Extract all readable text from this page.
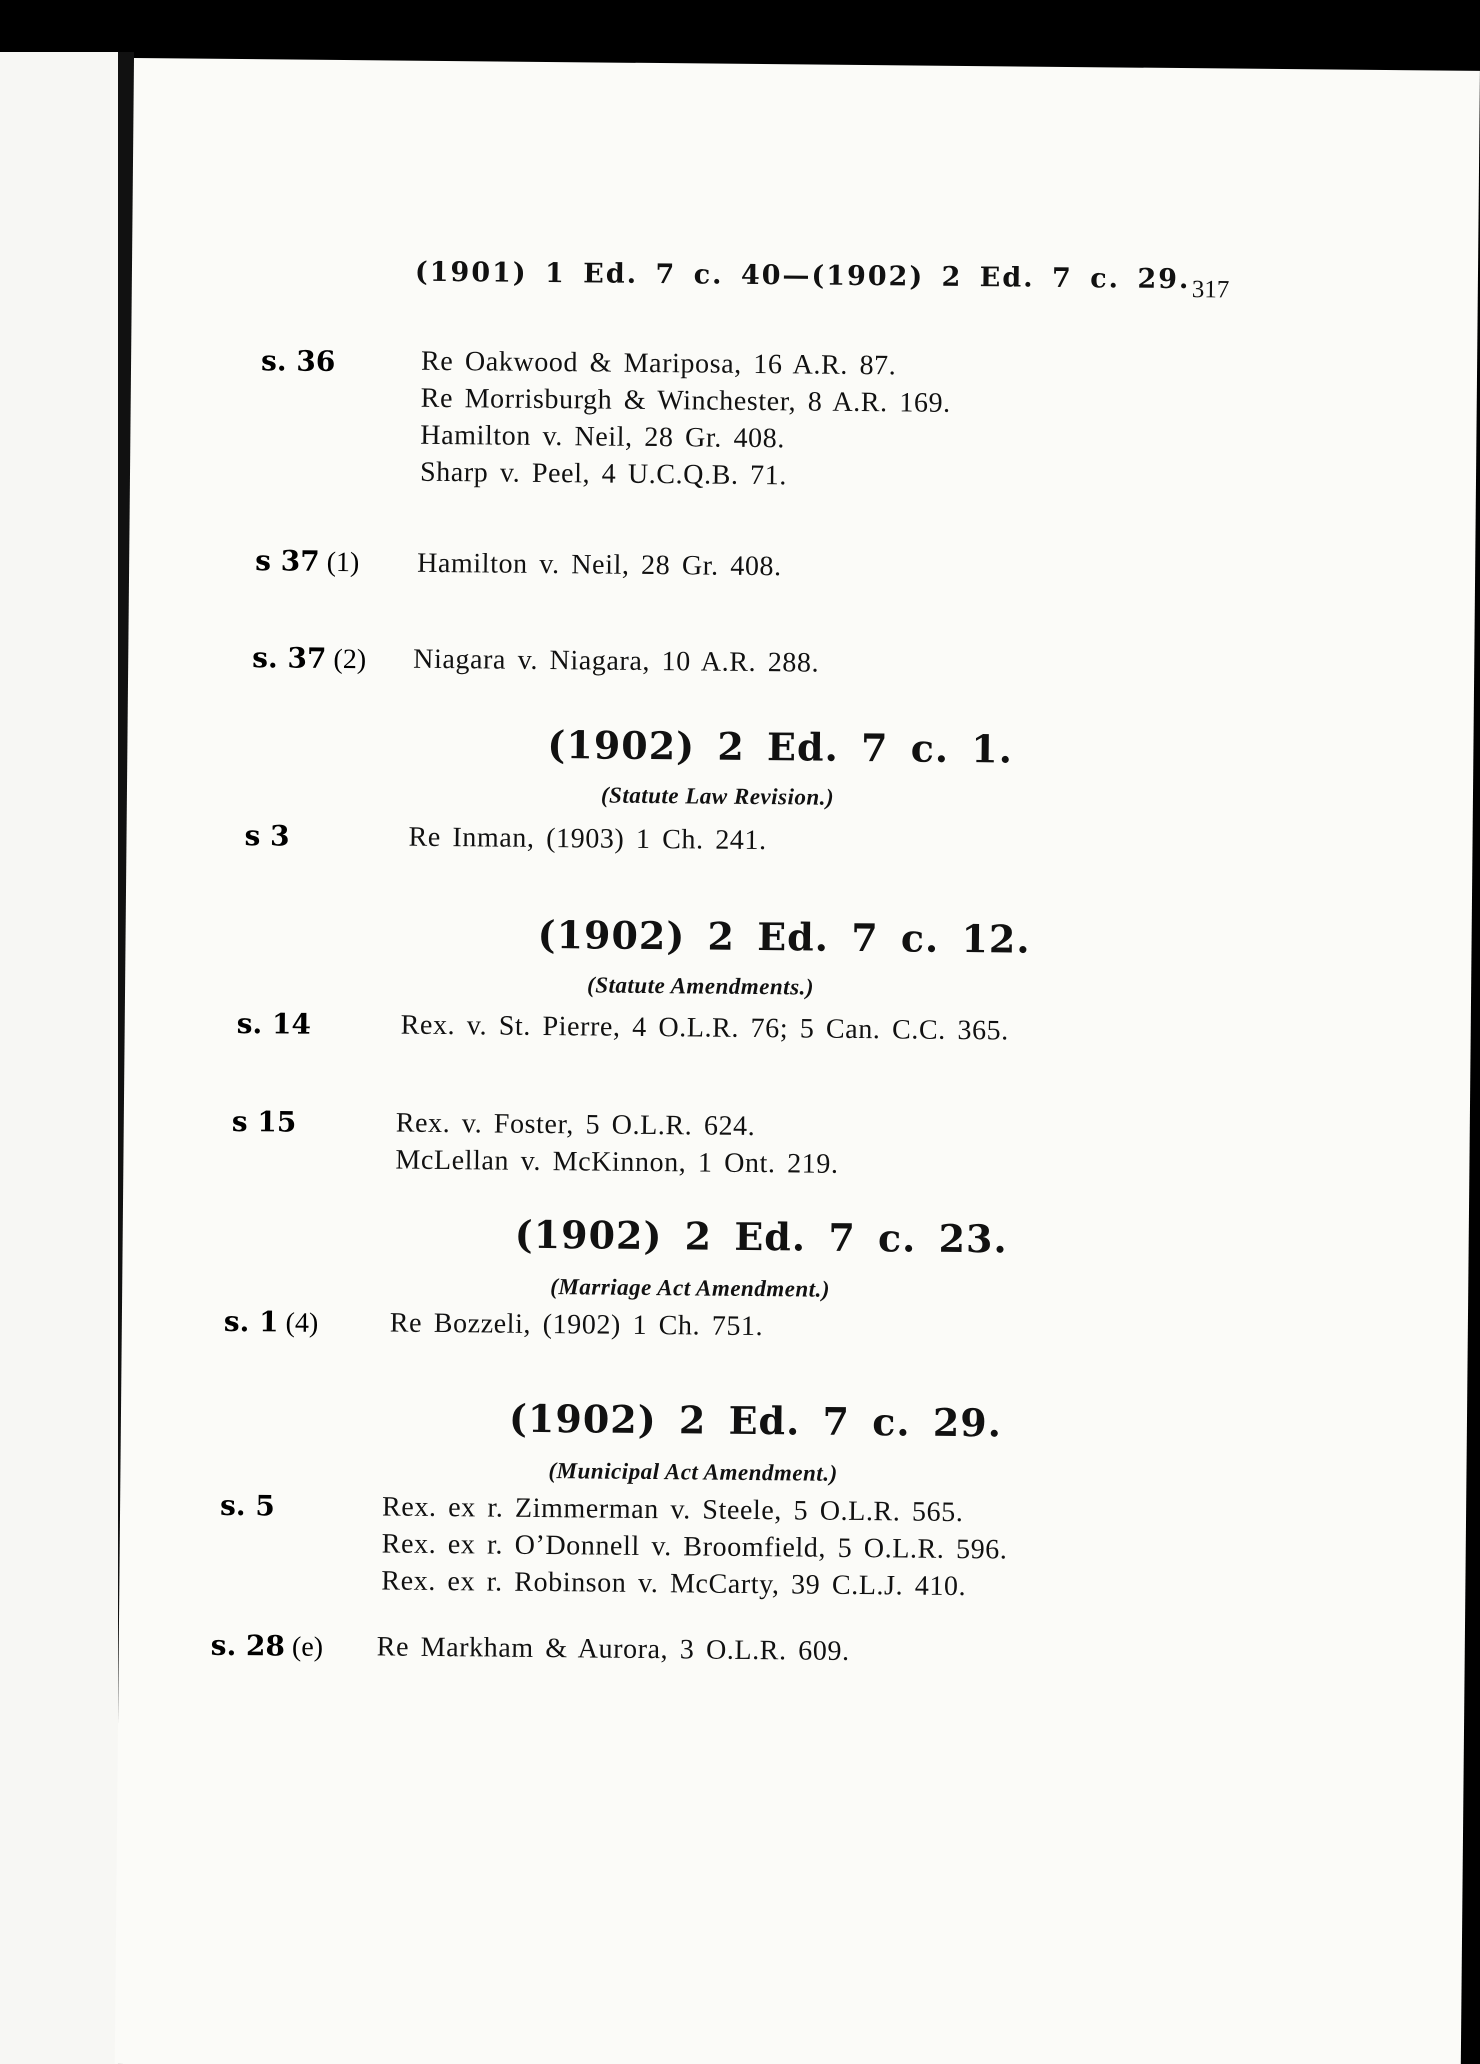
(1901) 1 Ed. 7 c. 40—(1902) 2 Ed. 7 c. 29. 317
s. 36	Re Oakwood & Mariposa, 16 A.R. 87.
Re Morrisburgh & Winchester, 8 A.R. 169.
Hamilton v. Neil, 28 Gr. 408.
Sharp v. Peel, 4 U.C.Q.B. 71.
s 37 (1) Hamilton v. Neil, 28 Gr. 408.
s. 37 (2) Niagara v. Niagara, 10 A.R. 288.
(1902) 2 Ed. 7 c. 1.
(Statute Law Revision.)
s 3	Re Inman, (1903) 1 Ch. 241.
(1902) 2 Ed. 7 c. 12.
(Statute Amendments.)
s. 14	Rex. v. St. Pierre, 4 O.L.R. 76; 5 Can. C.C. 365.
s 15	Rex. v. Foster, 5 O.L.R. 624.
McLellan v. McKinnon, 1 Ont. 219.
(1902) 2 Ed. 7 c. 23.
(Marriage Act Amendment.)
s. 1 (4)	Re Bozzeli, (1902) 1 Ch. 751.
(1902) 2 Ed. 7 c. 29.
(Municipal Act Amendment.)
s. 5	Rex. ex r. Zimmerman v. Steele, 5 O.L.R. 565.
Rex. ex r. O’Donnell v. Broomfield, 5 O.L.R. 596.
Rex. ex r. Robinson v. McCarty, 39 C.L.J. 410.
s. 28 (e) Re Markham & Aurora, 3 O.L.R. 609.
